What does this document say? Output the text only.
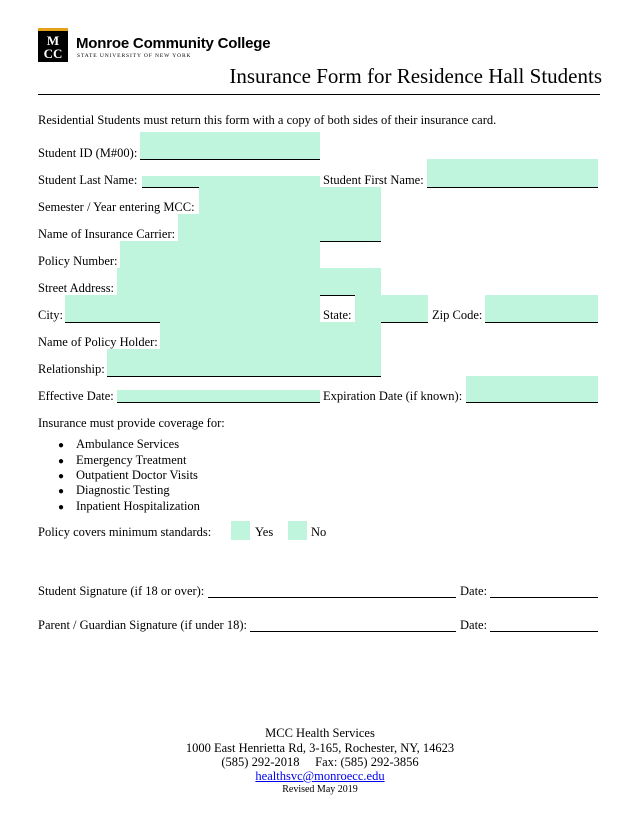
M
CC
Monroe Community College
STATE UNIVERSITY OF NEW YORK
Insurance Form for Residence Hall Students
Residential Students must return this form with a copy of both sides of their insurance card.
Student ID (M#00):
Student Last Name:	Student First Name:
Semester / Year entering MCC:
Name of Insurance Carrier:
Policy Number:
Street Address:
City:	State:	Zip Code:
Name of Policy Holder:
Relationship:
Effective Date:	Expiration Date (if known):
Insurance must provide coverage for:
● Ambulance Services
● Emergency Treatment
● Outpatient Doctor Visits
● Diagnostic Testing
● Inpatient Hospitalization
Policy covers minimum standards:	Yes	No
Student Signature (if 18 or over):	Date:
Parent / Guardian Signature (if under 18):	Date:
MCC Health Services
1000 East Henrietta Rd, 3-165, Rochester, NY, 14623
(585) 292-2018 Fax: (585) 292-3856
healthsvc@monroecc.edu
Revised May 2019
